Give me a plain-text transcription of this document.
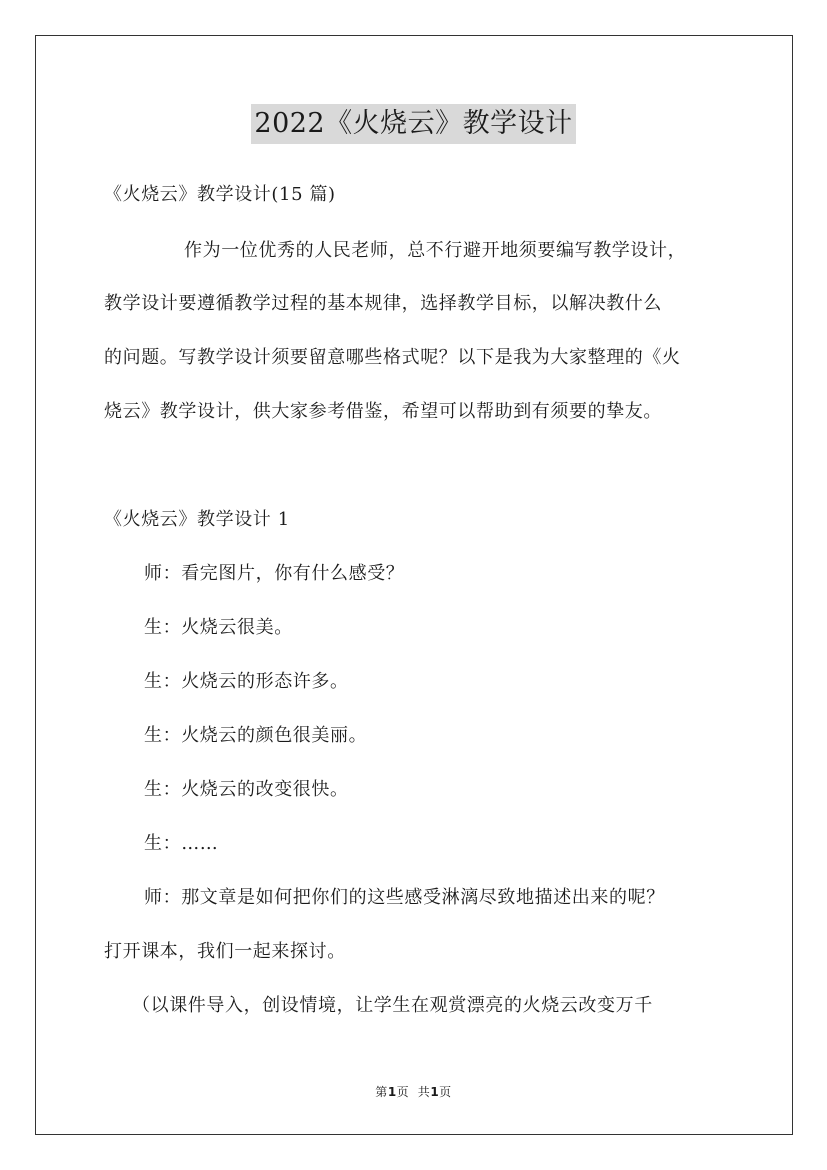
2022《火烧云》教学设计
《火烧云》教学设计(15 篇)
作为一位优秀的人民老师，总不行避开地须要编写教学设计，
教学设计要遵循教学过程的基本规律，选择教学目标，以解决教什么
的问题。写教学设计须要留意哪些格式呢？以下是我为大家整理的《火
烧云》教学设计，供大家参考借鉴，希望可以帮助到有须要的挚友。
《火烧云》教学设计 1
师：看完图片，你有什么感受？
生：火烧云很美。
生：火烧云的形态许多。
生：火烧云的颜色很美丽。
生：火烧云的改变很快。
生：……
师：那文章是如何把你们的这些感受淋漓尽致地描述出来的呢？
打开课本，我们一起来探讨。
（以课件导入，创设情境，让学生在观赏漂亮的火烧云改变万千
第1页  共1页
